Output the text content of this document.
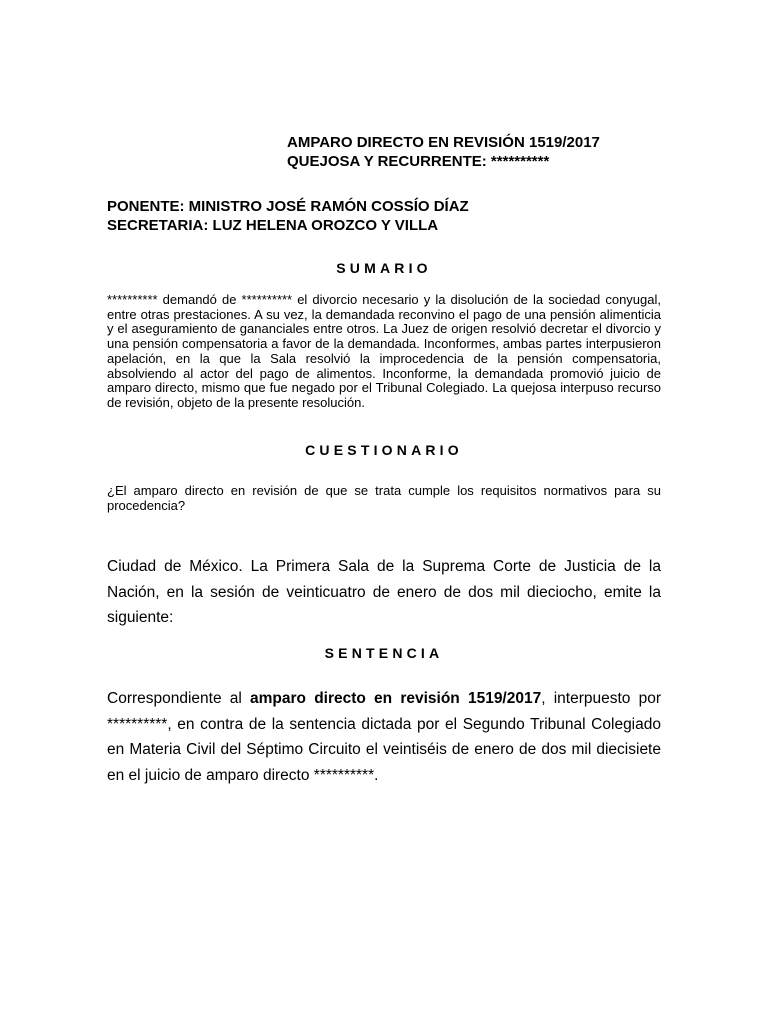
AMPARO DIRECTO EN REVISIÓN 1519/2017
QUEJOSA Y RECURRENTE: **********
PONENTE: MINISTRO JOSÉ RAMÓN COSSÍO DÍAZ
SECRETARIA: LUZ HELENA OROZCO Y VILLA
SUMARIO

********** demandó de ********** el divorcio necesario y la disolución de la sociedad conyugal, entre otras prestaciones. A su vez, la demandada reconvino el pago de una pensión alimenticia y el aseguramiento de gananciales entre otros. La Juez de origen resolvió decretar el divorcio y una pensión compensatoria a favor de la demandada. Inconformes, ambas partes interpusieron apelación, en la que la Sala resolvió la improcedencia de la pensión compensatoria, absolviendo al actor del pago de alimentos. Inconforme, la demandada promovió juicio de amparo directo, mismo que fue negado por el Tribunal Colegiado. La quejosa interpuso recurso de revisión, objeto de la presente resolución.

CUESTIONARIO

¿El amparo directo en revisión de que se trata cumple los requisitos normativos para su procedencia?

Ciudad de México. La Primera Sala de la Suprema Corte de Justicia de la Nación, en la sesión de veinticuatro de enero de dos mil dieciocho, emite la siguiente:

SENTENCIA

Correspondiente al amparo directo en revisión 1519/2017, interpuesto por **********, en contra de la sentencia dictada por el Segundo Tribunal Colegiado en Materia Civil del Séptimo Circuito el veintiséis de enero de dos mil diecisiete en el juicio de amparo directo **********.
